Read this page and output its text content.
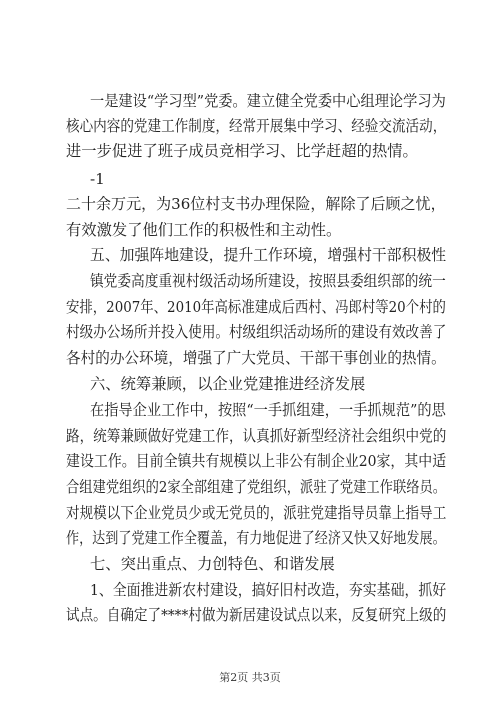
一是建设“学习型”党委。建立健全党委中心组理论学习为
核心内容的党建工作制度，经常开展集中学习、经验交流活动，
进一步促进了班子成员竞相学习、比学赶超的热情。
-1
二十余万元，为36位村支书办理保险，解除了后顾之忧，
有效激发了他们工作的积极性和主动性。
五、加强阵地建设，提升工作环境，增强村干部积极性
镇党委高度重视村级活动场所建设，按照县委组织部的统一
安排，2007年、2010年高标准建成后西村、冯郎村等20个村的
村级办公场所并投入使用。村级组织活动场所的建设有效改善了
各村的办公环境，增强了广大党员、干部干事创业的热情。
六、统筹兼顾，以企业党建推进经济发展
在指导企业工作中，按照“一手抓组建，一手抓规范”的思
路，统筹兼顾做好党建工作，认真抓好新型经济社会组织中党的
建设工作。目前全镇共有规模以上非公有制企业20家，其中适
合组建党组织的2家全部组建了党组织，派驻了党建工作联络员。
对规模以下企业党员少或无党员的，派驻党建指导员靠上指导工
作，达到了党建工作全覆盖，有力地促进了经济又快又好地发展。
七、突出重点、力创特色、和谐发展
1、全面推进新农村建设，搞好旧村改造，夯实基础，抓好
试点。自确定了****村做为新居建设试点以来，反复研究上级的
第2页 共3页
